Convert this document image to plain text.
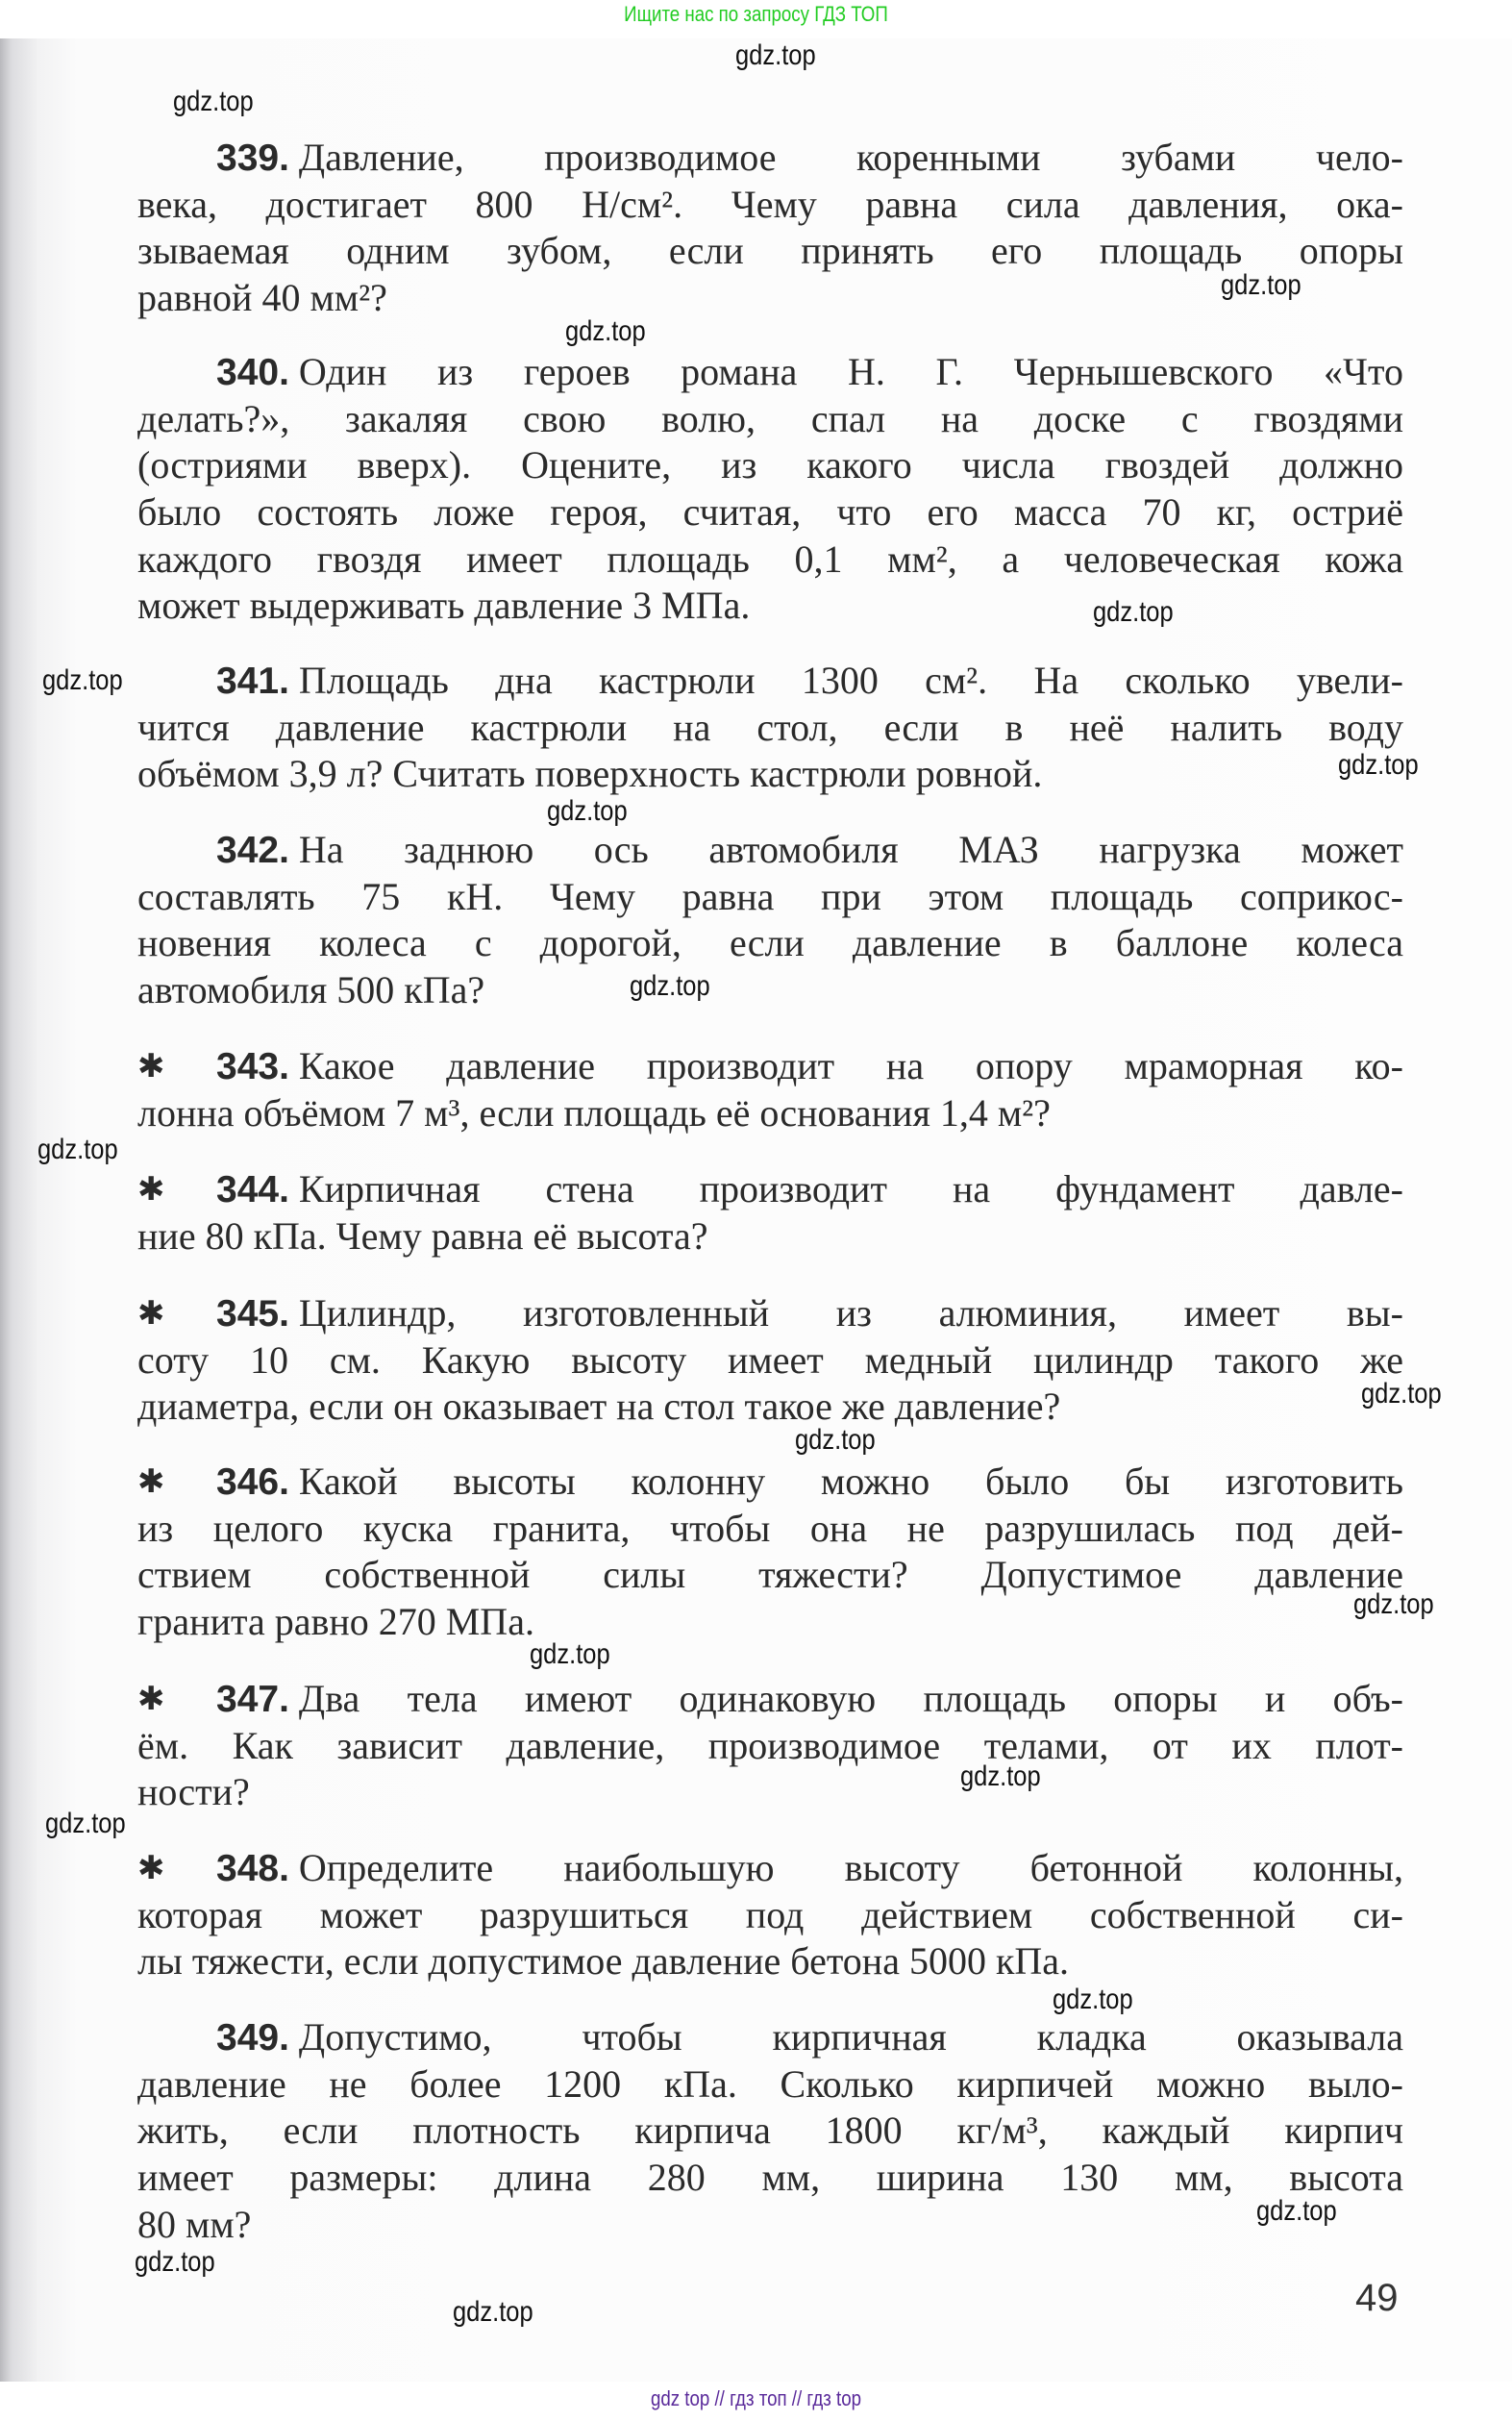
Ищите нас по запросу ГДЗ ТОП
339. Давление, производимое коренными зубами чело-
века, достигает 800 Н/см². Чему равна сила давления, ока-
зываемая одним зубом, если принять его площадь опоры
равной 40 мм²?
340. Один из героев романа Н. Г. Чернышевского «Что
делать?», закаляя свою волю, спал на доске с гвоздями
(остриями вверх). Оцените, из какого числа гвоздей должно
было состоять ложе героя, считая, что его масса 70 кг, остриё
каждого гвоздя имеет площадь 0,1 мм², а человеческая кожа
может выдерживать давление 3 МПа.
341. Площадь дна кастрюли 1300 см². На сколько увели-
чится давление кастрюли на стол, если в неё налить воду
объёмом 3,9 л? Считать поверхность кастрюли ровной.
342. На заднюю ось автомобиля МАЗ нагрузка может
составлять 75 кН. Чему равна при этом площадь соприкос-
новения колеса с дорогой, если давление в баллоне колеса
автомобиля 500 кПа?
✱	343. Какое давление производит на опору мраморная ко-
лонна объёмом 7 м³, если площадь её основания 1,4 м²?
✱	344. Кирпичная стена производит на фундамент давле-
ние 80 кПа. Чему равна её высота?
✱	345. Цилиндр, изготовленный из алюминия, имеет вы-
соту 10 см. Какую высоту имеет медный цилиндр такого же
диаметра, если он оказывает на стол такое же давление?
✱	346. Какой высоты колонну можно было бы изготовить
из целого куска гранита, чтобы она не разрушилась под дей-
ствием собственной силы тяжести? Допустимое давление
гранита равно 270 МПа.
✱	347. Два тела имеют одинаковую площадь опоры и объ-
ём. Как зависит давление, производимое телами, от их плот-
ности?
✱	348. Определите наибольшую высоту бетонной колонны,
которая может разрушиться под действием собственной си-
лы тяжести, если допустимое давление бетона 5000 кПа.
349. Допустимо, чтобы кирпичная кладка оказывала
давление не более 1200 кПа. Сколько кирпичей можно выло-
жить, если плотность кирпича 1800 кг/м³, каждый кирпич
имеет размеры: длина 280 мм, ширина 130 мм, высота
80 мм?
gdz.top
gdz.top
gdz.top
gdz.top
gdz.top
gdz.top
gdz.top
gdz.top
gdz.top
gdz.top
gdz.top
gdz.top
gdz.top
gdz.top
gdz.top
gdz.top
gdz.top
gdz.top
gdz.top
gdz.top	49
gdz top // гдз топ // гдз top
